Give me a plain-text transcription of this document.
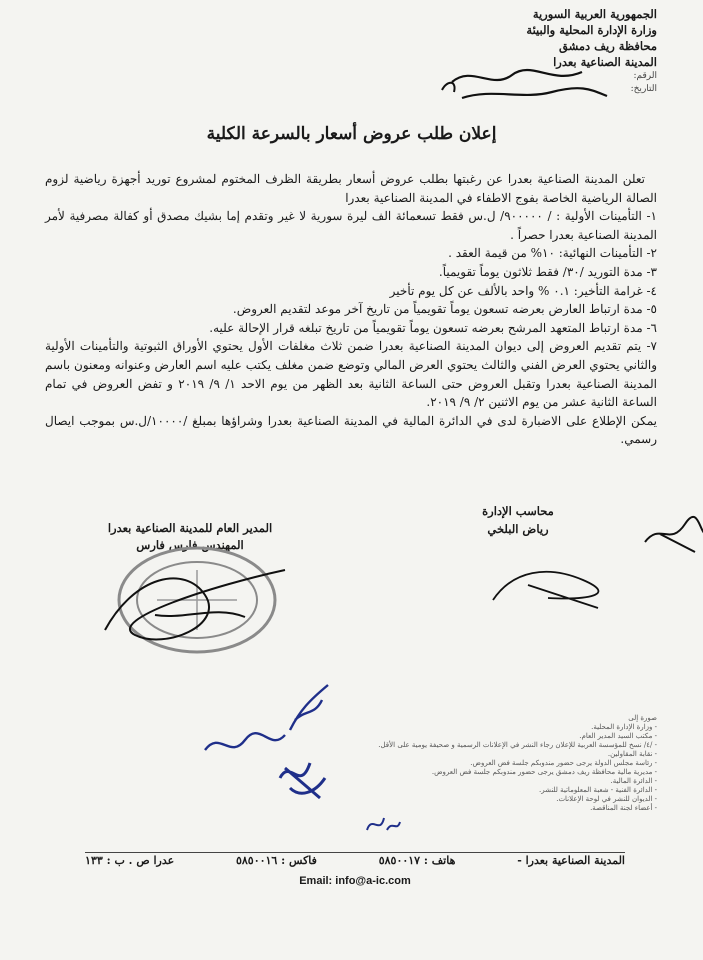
الجمهورية العربية السورية
وزارة الإدارة المحلية والبيئة
محافظة ريف دمشق
المدينة الصناعية بعدرا
الرقم:
التاريخ:
إعلان طلب عروض أسعار بالسرعة الكلية

تعلن المدينة الصناعية بعدرا عن رغبتها بطلب عروض أسعار بطريقة الظرف المختوم لمشروع توريد أجهزة رياضية لزوم الصالة الرياضية الخاصة بفوج الاطفاء في المدينة الصناعية بعدرا

١- التأمينات الأولية : / ٩٠٠٠٠٠/ ل.س فقط تسعمائة الف ليرة سورية لا غير وتقدم إما بشيك مصدق أو كفالة مصرفية لأمر المدينة الصناعية بعدرا حصراً .

٢- التأمينات النهائية: ١٠% من قيمة العقد .

٣- مدة التوريد /٣٠/ فقط ثلاثون يوماً تقويمياً.

٤- غرامة التأخير: ٠.١ % واحد بالألف عن كل يوم تأخير

٥- مدة ارتباط العارض بعرضه تسعون يوماً تقويمياً من تاريخ آخر موعد لتقديم العروض.

٦- مدة ارتباط المتعهد المرشح بعرضه تسعون يوماً تقويمياً من تاريخ تبلغه قرار الإحالة عليه.

٧- يتم تقديم العروض إلى ديوان المدينة الصناعية بعدرا ضمن ثلاث مغلفات الأول يحتوي الأوراق الثبوتية والتأمينات الأولية والثاني يحتوي العرض الفني والثالث يحتوي العرض المالي وتوضع ضمن مغلف يكتب عليه اسم العارض وعنوانه ومعنون باسم المدينة الصناعية بعدرا وتقبل العروض حتى الساعة الثانية بعد الظهر من يوم الاحد ١/ ٩/ ٢٠١٩ و تفض العروض في تمام الساعة الثانية عشر من يوم الاثنين ٢/ ٩/ ٢٠١٩.

يمكن الإطلاع على الاضبارة لدى في الدائرة المالية في المدينة الصناعية بعدرا وشراؤها بمبلغ /١٠٠٠٠/ل.س بموجب ايصال رسمي.

محاسب الإدارة
رياض البلخي
المدير العام للمدينة الصناعية بعدرا
المهندس فارس فارس
صورة إلى
- وزارة الإدارة المحلية.
- مكتب السيد المدير العام.
- /٤/ نسخ للمؤسسة العربية للإعلان رجاء النشر في الإعلانات الرسمية و صحيفة يومية على الأقل.
- نقابة المقاولين.
- رئاسة مجلس الدولة يرجى حضور مندوبكم جلسة فض العروض.
- مديرية مالية محافظة ريف دمشق يرجى حضور مندوبكم جلسة فض العروض.
- الدائرة المالية.
- الدائرة الفنية - شعبة المعلوماتية للنشر.
- الديوان للنشر في لوحة الإعلانات.
- أعضاء لجنة المناقصة.
المدينة الصناعية بعدرا -
هاتف : ٥٨٥٠٠١٧
فاكس : ٥٨٥٠٠١٦
عدرا ص . ب : ١٣٣
Email: info@a-ic.com
